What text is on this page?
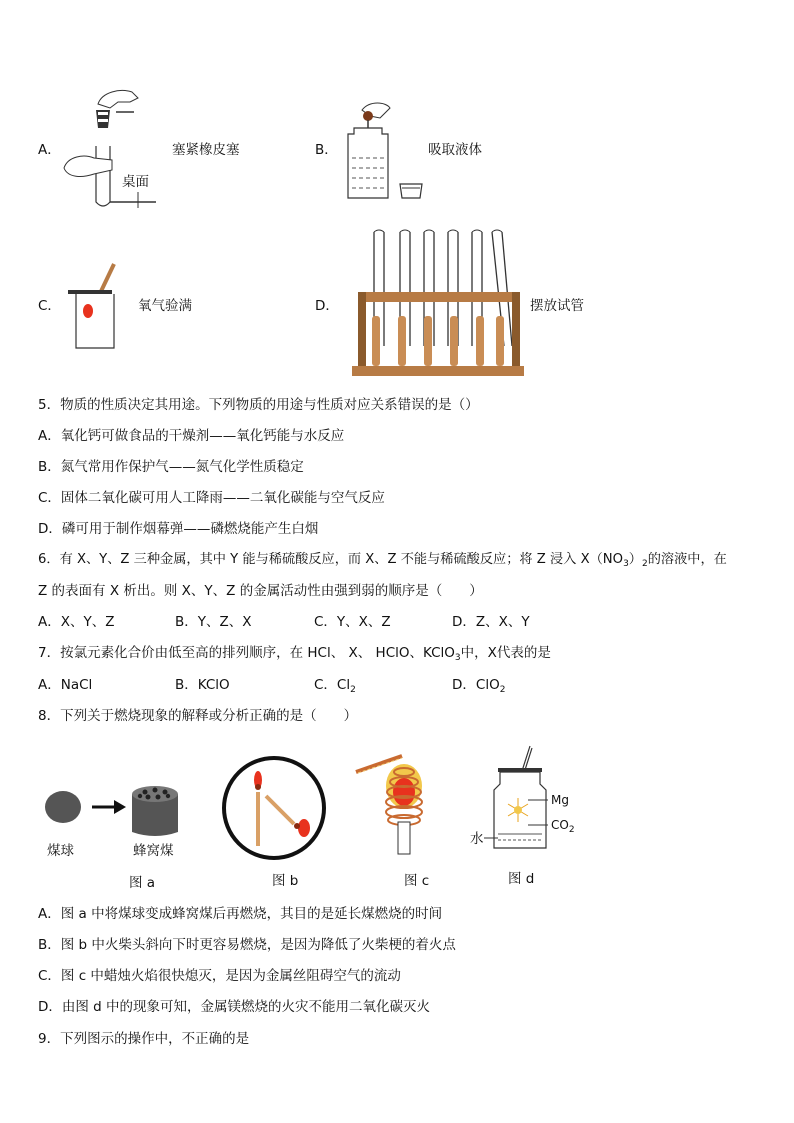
A．
桌面
塞紧橡皮塞	B．	吸取液体
C．	氧气验满	D．	摆放试管
5．物质的性质决定其用途。下列物质的用途与性质对应关系错误的是（）
A．氧化钙可做食品的干燥剂——氧化钙能与水反应
B．氮气常用作保护气——氮气化学性质稳定
C．固体二氧化碳可用人工降雨——二氧化碳能与空气反应
D．磷可用于制作烟幕弹——磷燃烧能产生白烟
6．有 X、Y、Z 三种金属，其中 Y 能与稀硫酸反应，而 X、Z 不能与稀硫酸反应；将 Z 浸入 $X(NO_3)_2$的溶液中，在
Z 的表面有 X 析出。则 X、Y、Z 的金属活动性由强到弱的顺序是（　　）
A．X、Y、Z	B．Y、Z、X	C．Y、X、Z	D．Z、X、Y
7．按氯元素化合价由低至高的排列顺序，在 HCl、 X、 HClO、KClO$_3$中，X代表的是
A．NaCl	B．KClO	C．$Cl_2$	D．ClO$_2$
8．下列关于燃烧现象的解释或分析正确的是（　　）
煤球	蜂窝煤
图 a	图 b	图 c
Mg
$CO_2$
水
图 d
A．图 a 中将煤球变成蜂窝煤后再燃烧，其目的是延长煤燃烧的时间
B．图 b 中火柴头斜向下时更容易燃烧，是因为降低了火柴梗的着火点
C．图 c 中蜡烛火焰很快熄灭，是因为金属丝阻碍空气的流动
D．由图 d 中的现象可知，金属镁燃烧的火灾不能用二氧化碳灭火
9．下列图示的操作中，不正确的是
